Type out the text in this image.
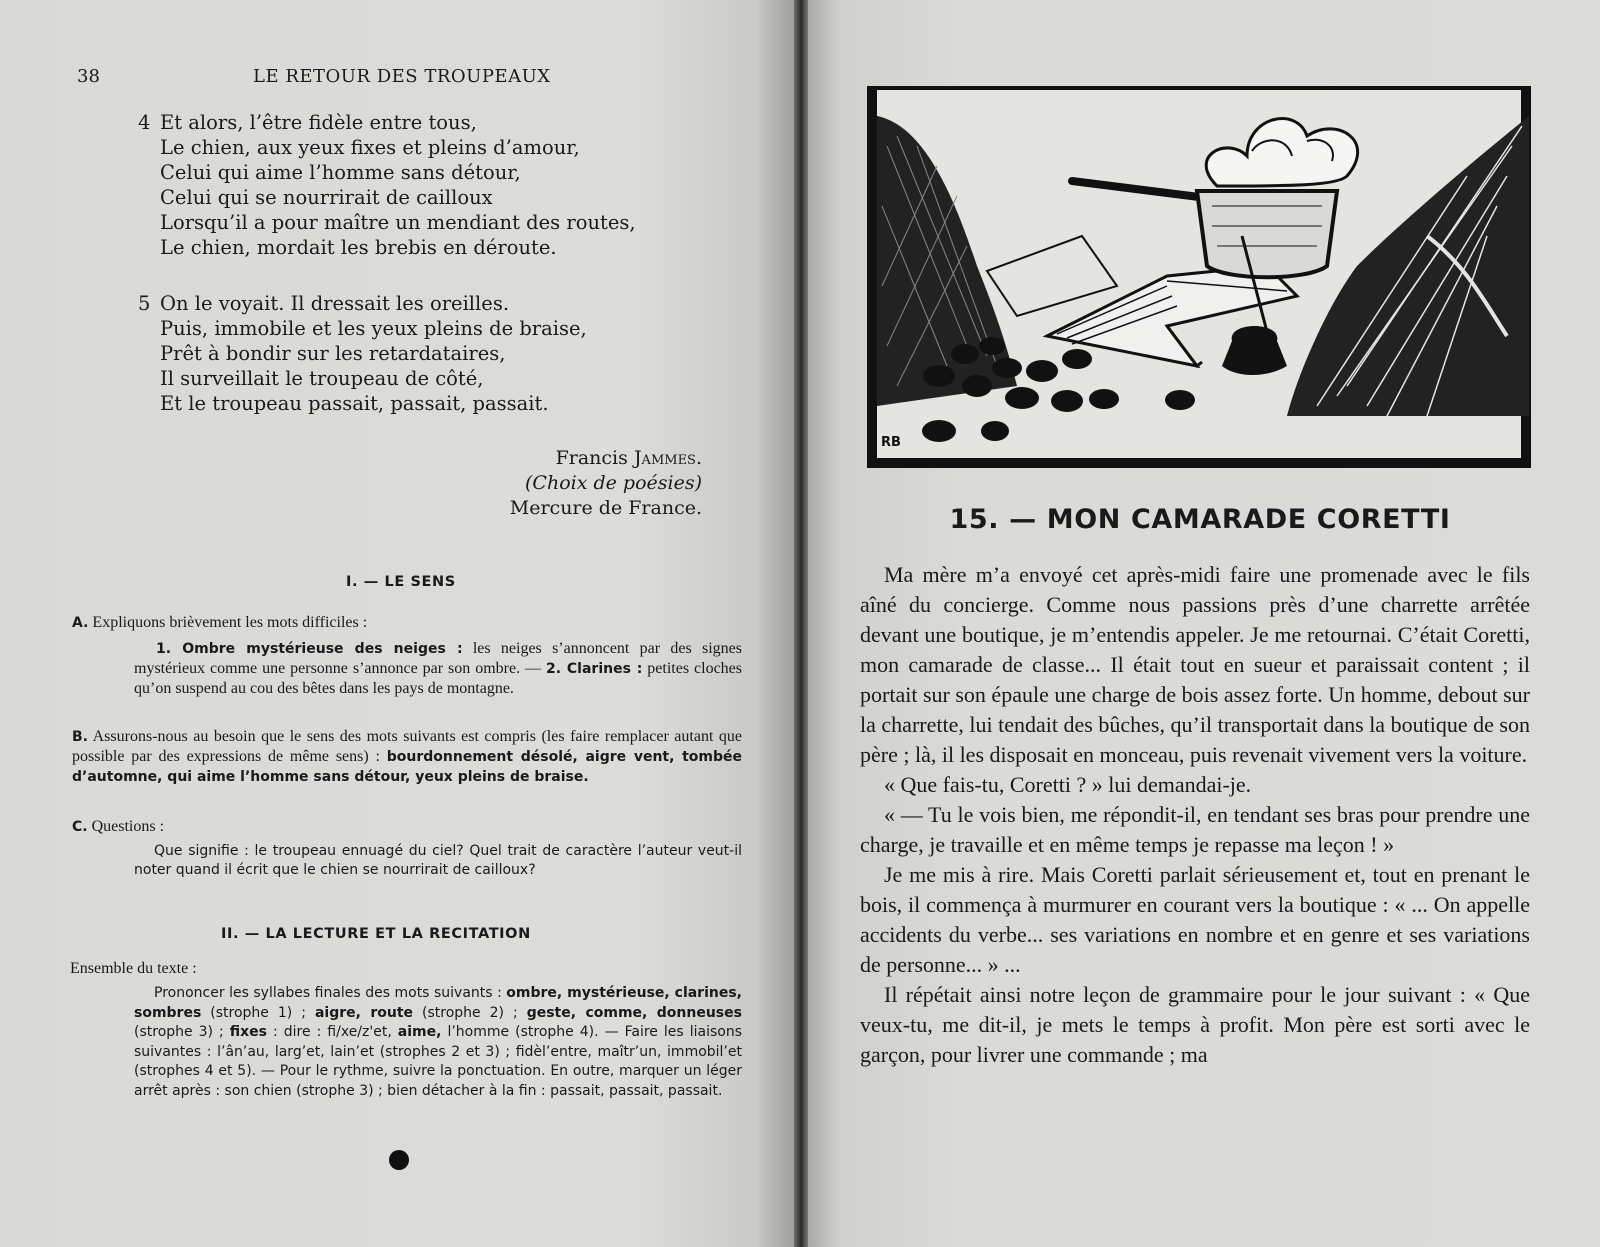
38	LE RETOUR DES TROUPEAUX
4 Et alors, l’être fidèle entre tous,
Le chien, aux yeux fixes et pleins d’amour,
Celui qui aime l’homme sans détour,
Celui qui se nourrirait de cailloux
Lorsqu’il a pour maître un mendiant des routes,
Le chien, mordait les brebis en déroute.
5 On le voyait. Il dressait les oreilles.
Puis, immobile et les yeux pleins de braise,
Prêt à bondir sur les retardataires,
Il surveillait le troupeau de côté,
Et le troupeau passait, passait, passait.
Francis Jammes.
(Choix de poésies)
Mercure de France.
I. — LE SENS
A. Expliquons brièvement les mots difficiles :
1. Ombre mystérieuse des neiges : les neiges s’annoncent par des signes mystérieux comme une personne s’annonce par son ombre. — 2. Clarines : petites cloches qu’on suspend au cou des bêtes dans les pays de montagne.
B. Assurons-nous au besoin que le sens des mots suivants est compris (les faire remplacer autant que possible par des expressions de même sens) : bourdonnement désolé, aigre vent, tombée d’automne, qui aime l’homme sans détour, yeux pleins de braise.
C. Questions :
Que signifie : le troupeau ennuagé du ciel? Quel trait de caractère l’auteur veut-il noter quand il écrit que le chien se nourrirait de cailloux?
II. — LA LECTURE ET LA RECITATION
Ensemble du texte :
Prononcer les syllabes finales des mots suivants : ombre, mystérieuse, clarines, sombres (strophe 1) ; aigre, route (strophe 2) ; geste, comme, donneuses (strophe 3) ; fixes : dire : fi/xe/z'et, aime, l’homme (strophe 4). — Faire les liaisons suivantes : l’ân’au, larg’et, lain’et (strophes 2 et 3) ; fidèl’entre, maîtr’un, immobil’et (strophes 4 et 5). — Pour le rythme, suivre la ponctuation. En outre, marquer un léger arrêt après : son chien (strophe 3) ; bien détacher à la fin : passait, passait, passait.
RB
15. — MON CAMARADE CORETTI

Ma mère m’a envoyé cet après-midi faire une promenade avec le fils aîné du concierge. Comme nous passions près d’une charrette arrêtée devant une boutique, je m’entendis appeler. Je me retournai. C’était Coretti, mon camarade de classe... Il était tout en sueur et paraissait content ; il portait sur son épaule une charge de bois assez forte. Un homme, debout sur la charrette, lui tendait des bûches, qu’il transportait dans la boutique de son père ; là, il les disposait en monceau, puis revenait vivement vers la voiture.

« Que fais-tu, Coretti ? » lui demandai-je.

« — Tu le vois bien, me répondit-il, en tendant ses bras pour prendre une charge, je travaille et en même temps je repasse ma leçon ! »

Je me mis à rire. Mais Coretti parlait sérieusement et, tout en prenant le bois, il commença à murmurer en courant vers la boutique : « ... On appelle accidents du verbe... ses variations en nombre et en genre et ses variations de personne... » ...

Il répétait ainsi notre leçon de grammaire pour le jour suivant : « Que veux-tu, me dit-il, je mets le temps à profit. Mon père est sorti avec le garçon, pour livrer une commande ; ma
